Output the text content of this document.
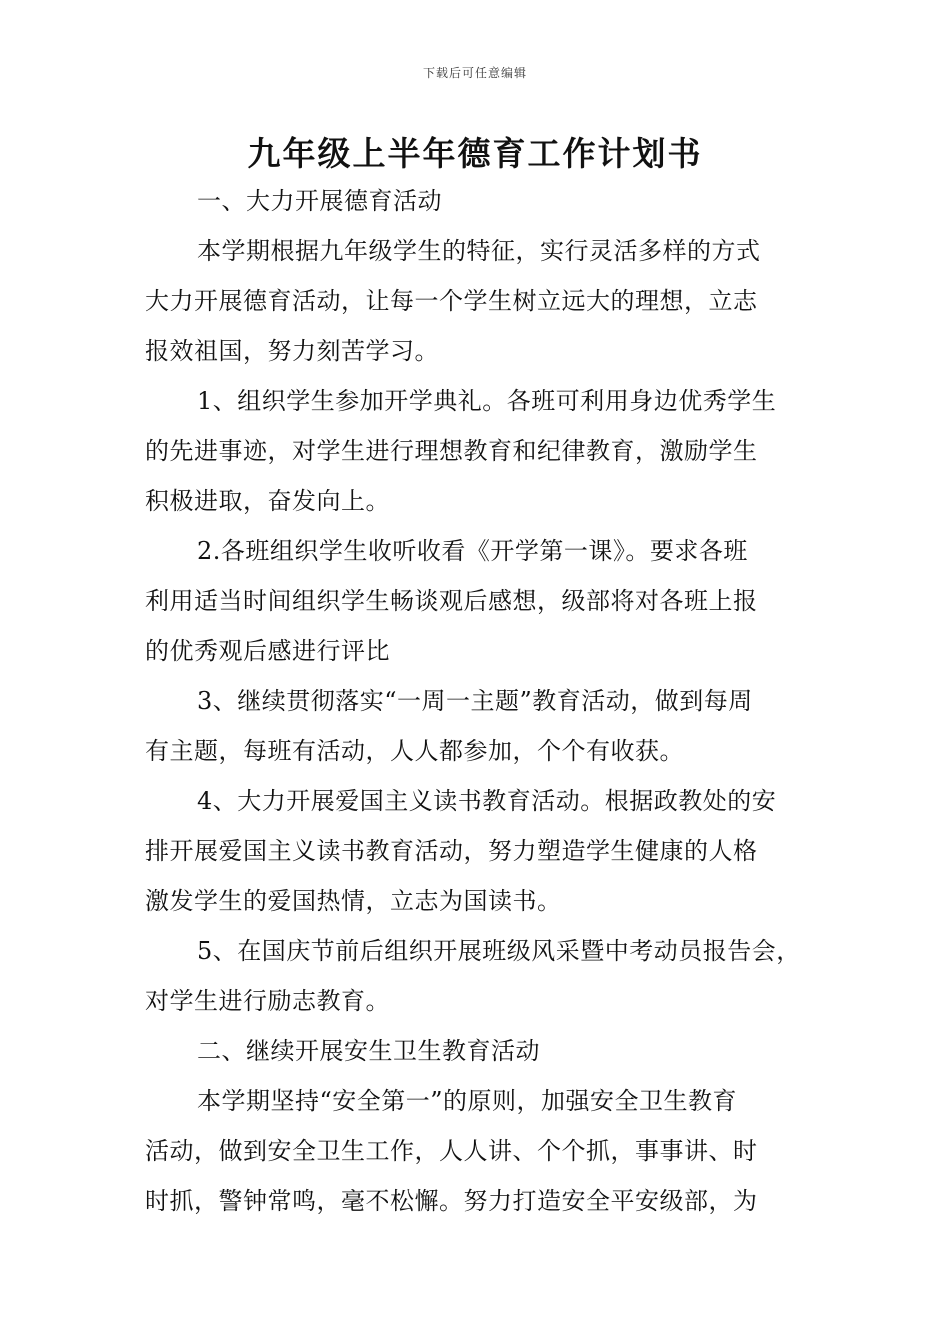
下载后可任意编辑
九年级上半年德育工作计划书

一、大力开展德育活动

本学期根据九年级学生的特征，实行灵活多样的方式
大力开展德育活动，让每一个学生树立远大的理想，立志
报效祖国，努力刻苦学习。

1、组织学生参加开学典礼。各班可利用身边优秀学生
的先进事迹，对学生进行理想教育和纪律教育，激励学生
积极进取，奋发向上。

2.各班组织学生收听收看《开学第一课》。要求各班
利用适当时间组织学生畅谈观后感想，级部将对各班上报
的优秀观后感进行评比

3、继续贯彻落实“一周一主题”教育活动，做到每周
有主题，每班有活动，人人都参加，个个有收获。

4、大力开展爱国主义读书教育活动。根据政教处的安
排开展爱国主义读书教育活动，努力塑造学生健康的人格
激发学生的爱国热情，立志为国读书。

5、在国庆节前后组织开展班级风采暨中考动员报告会，
对学生进行励志教育。

二、继续开展安生卫生教育活动

本学期坚持“安全第一”的原则，加强安全卫生教育
活动，做到安全卫生工作，人人讲、个个抓，事事讲、时
时抓，警钟常鸣，毫不松懈。努力打造安全平安级部，为
